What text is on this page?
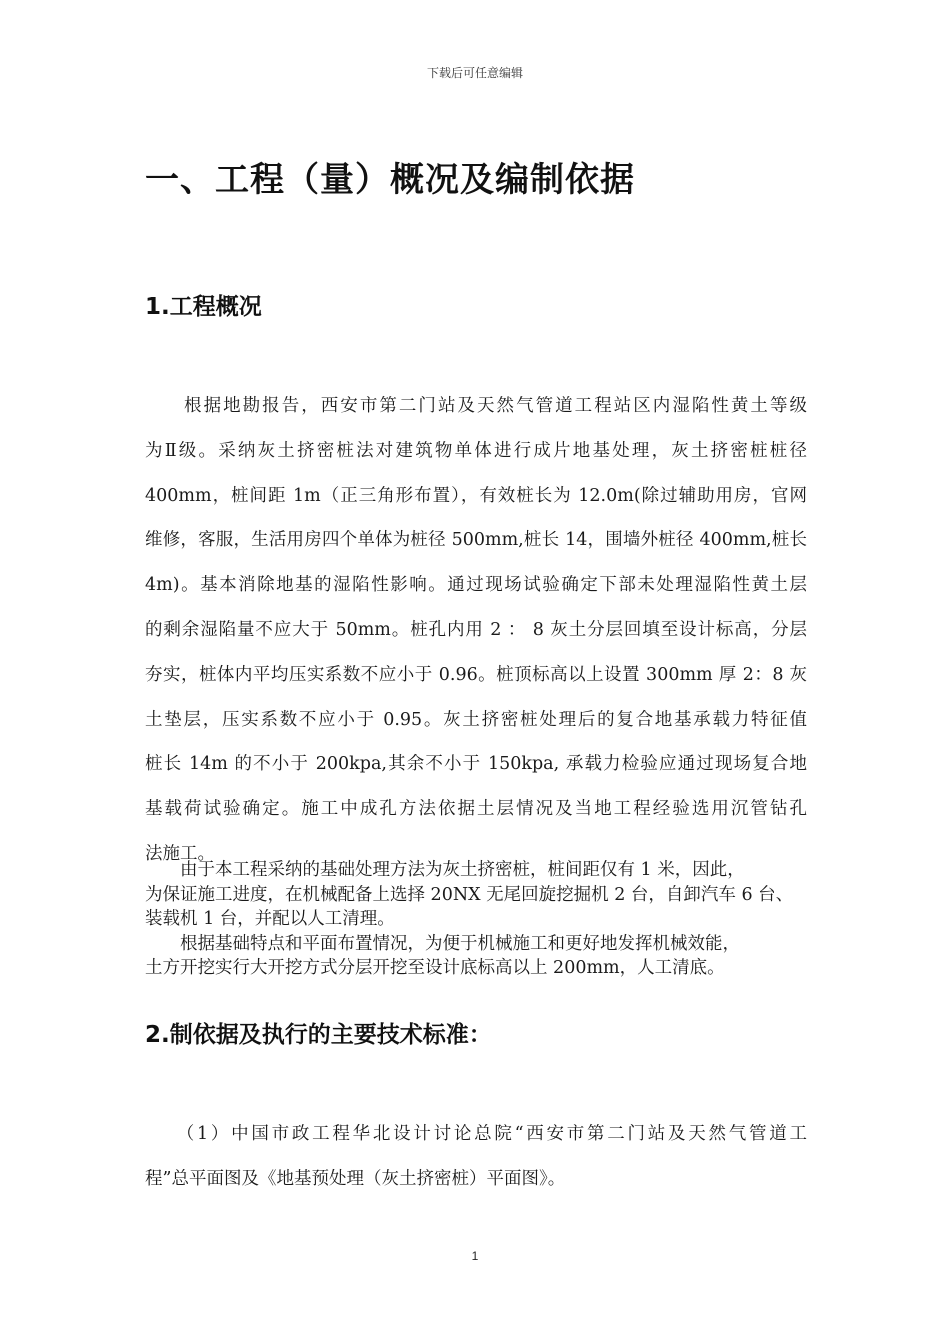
下载后可任意编辑
一、工程（量）概况及编制依据
1.工程概况
　　根据地勘报告，西安市第二门站及天然气管道工程站区内湿陷性黄土等级
为Ⅱ级。采纳灰土挤密桩法对建筑物单体进行成片地基处理，灰土挤密桩桩径
400mm，桩间距 1m（正三角形布置），有效桩长为 12.0m(除过辅助用房，官网
维修，客服，生活用房四个单体为桩径 500mm,桩长 14，围墙外桩径 400mm,桩长
4m)。基本消除地基的湿陷性影响。通过现场试验确定下部未处理湿陷性黄土层
的剩余湿陷量不应大于 50mm。桩孔内用 2 ： 8 灰土分层回填至设计标高，分层
夯实，桩体内平均压实系数不应小于 0.96。桩顶标高以上设置 300mm 厚 2：8 灰
土垫层，压实系数不应小于 0.95。灰土挤密桩处理后的复合地基承载力特征值
桩长 14m 的不小于 200kpa,其余不小于 150kpa, 承载力检验应通过现场复合地
基载荷试验确定。施工中成孔方法依据土层情况及当地工程经验选用沉管钻孔
法施工。
　　由于本工程采纳的基础处理方法为灰土挤密桩，桩间距仅有 1 米，因此，
为保证施工进度，在机械配备上选择 20NX 无尾回旋挖掘机 2 台，自卸汽车 6 台、
装载机 1 台，并配以人工清理。
　　根据基础特点和平面布置情况，为便于机械施工和更好地发挥机械效能，
土方开挖实行大开挖方式分层开挖至设计底标高以上 200mm，人工清底。
2.制依据及执行的主要技术标准：
　　（1）中国市政工程华北设计讨论总院“西安市第二门站及天然气管道工
程”总平面图及《地基预处理（灰土挤密桩）平面图》。
1
